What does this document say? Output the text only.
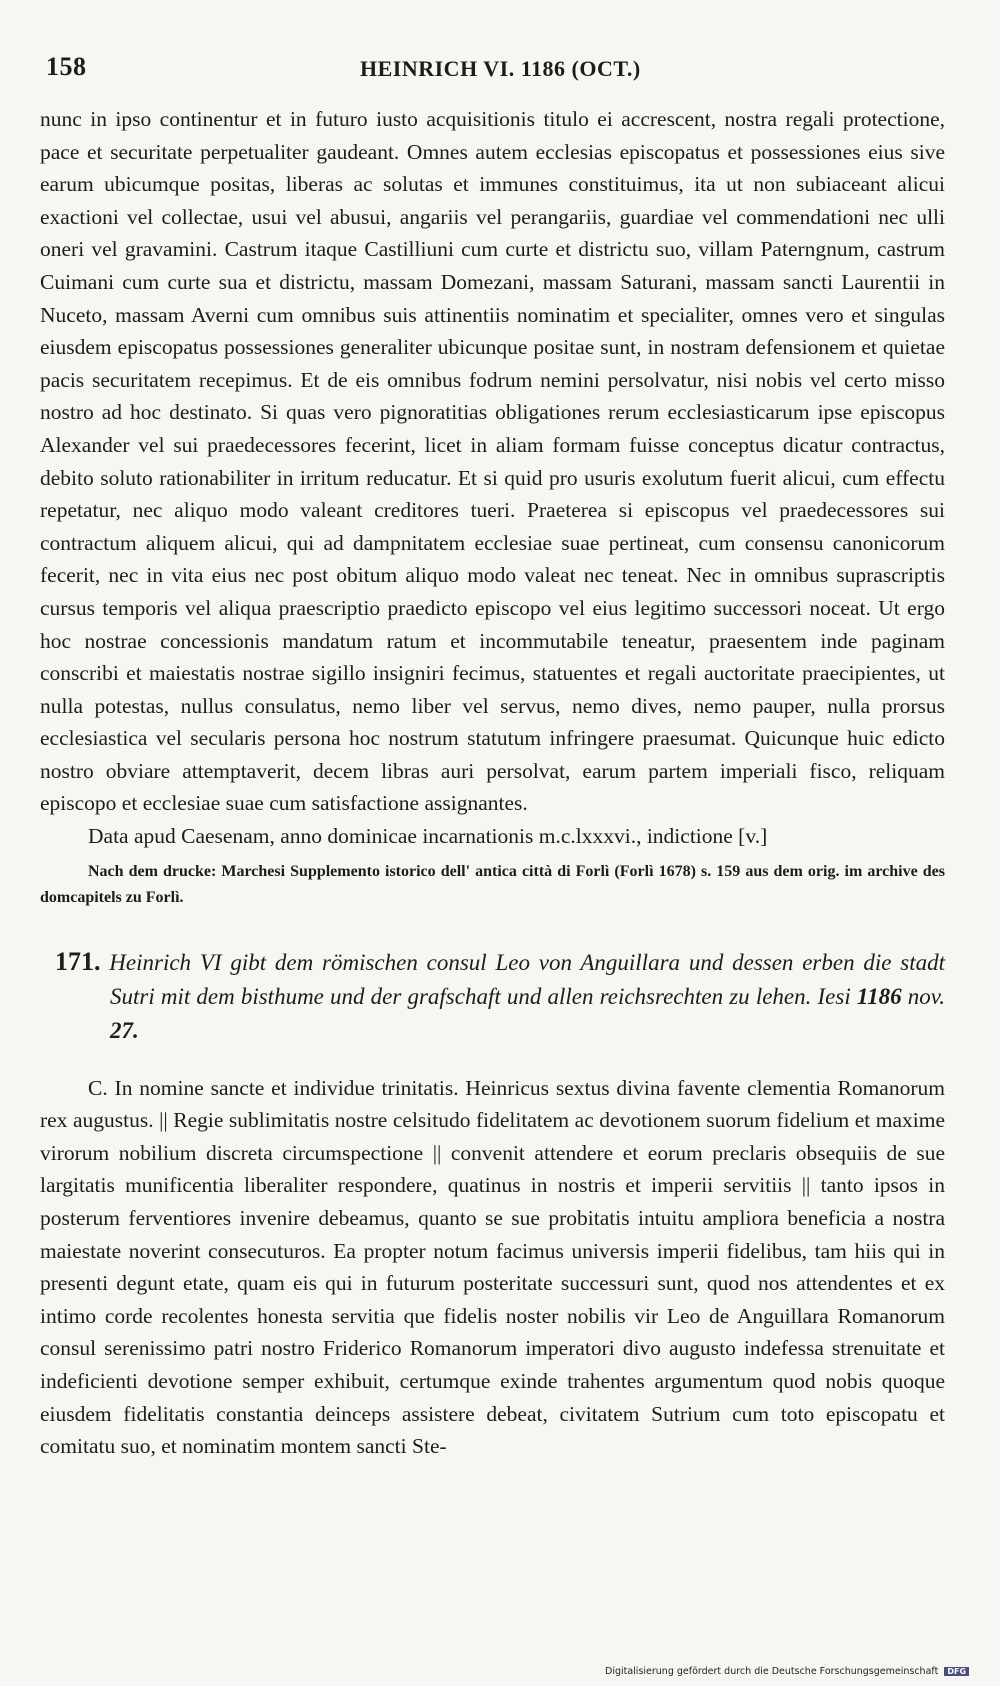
158	HEINRICH VI. 1186 (OCT.)

nunc in ipso continentur et in futuro iusto acquisitionis titulo ei accrescent, nostra regali protectione, pace et securitate perpetualiter gaudeant. Omnes autem ecclesias episcopatus et possessiones eius sive earum ubicumque positas, liberas ac solutas et immunes constituimus, ita ut non subiaceant alicui exactioni vel collectae, usui vel abusui, angariis vel perangariis, guardiae vel commendationi nec ulli oneri vel gravamini. Castrum itaque Castilliuni cum curte et districtu suo, villam Paterngnum, castrum Cuimani cum curte sua et districtu, massam Domezani, massam Saturani, massam sancti Laurentii in Nuceto, massam Averni cum omnibus suis attinentiis nominatim et specialiter, omnes vero et singulas eiusdem episcopatus possessiones generaliter ubicunque positae sunt, in nostram defensionem et quietae pacis securitatem recepimus. Et de eis omnibus fodrum nemini persolvatur, nisi nobis vel certo misso nostro ad hoc destinato. Si quas vero pignoratitias obligationes rerum ecclesiasticarum ipse episcopus Alexander vel sui praedecessores fecerint, licet in aliam formam fuisse conceptus dicatur contractus, debito soluto rationabiliter in irritum reducatur. Et si quid pro usuris exolutum fuerit alicui, cum effectu repetatur, nec aliquo modo valeant creditores tueri. Praeterea si episcopus vel praedecessores sui contractum aliquem alicui, qui ad dampnitatem ecclesiae suae pertineat, cum consensu canonicorum fecerit, nec in vita eius nec post obitum aliquo modo valeat nec teneat. Nec in omnibus suprascriptis cursus temporis vel aliqua praescriptio praedicto episcopo vel eius legitimo successori noceat. Ut ergo hoc nostrae concessionis mandatum ratum et incommutabile teneatur, praesentem inde paginam conscribi et maiestatis nostrae sigillo insigniri fecimus, statuentes et regali auctoritate praecipientes, ut nulla potestas, nullus consulatus, nemo liber vel servus, nemo dives, nemo pauper, nulla prorsus ecclesiastica vel secularis persona hoc nostrum statutum infringere praesumat. Quicunque huic edicto nostro obviare attemptaverit, decem libras auri persolvat, earum partem imperiali fisco, reliquam episcopo et ecclesiae suae cum satisfactione assignantes.

Data apud Caesenam, anno dominicae incarnationis m.c.lxxxvi., indictione [v.]

Nach dem drucke: Marchesi Supplemento istorico dell' antica città di Forlì (Forlì 1678) s. 159 aus dem orig. im archive des domcapitels zu Forlì.

171. Heinrich VI gibt dem römischen consul Leo von Anguillara und dessen erben die stadt Sutri mit dem bisthume und der grafschaft und allen reichsrechten zu lehen. Iesi 1186 nov. 27.

C. In nomine sancte et individue trinitatis. Heinricus sextus divina favente clementia Romanorum rex augustus. || Regie sublimitatis nostre celsitudo fidelitatem ac devotionem suorum fidelium et maxime virorum nobilium discreta circumspectione || convenit attendere et eorum preclaris obsequiis de sue largitatis munificentia liberaliter respondere, quatinus in nostris et imperii servitiis || tanto ipsos in posterum ferventiores invenire debeamus, quanto se sue probitatis intuitu ampliora beneficia a nostra maiestate noverint consecuturos. Ea propter notum facimus universis imperii fidelibus, tam hiis qui in presenti degunt etate, quam eis qui in futurum posteritate successuri sunt, quod nos attendentes et ex intimo corde recolentes honesta servitia que fidelis noster nobilis vir Leo de Anguillara Romanorum consul serenissimo patri nostro Friderico Romanorum imperatori divo augusto indefessa strenuitate et indeficienti devotione semper exhibuit, certumque exinde trahentes argumentum quod nobis quoque eiusdem fidelitatis constantia deinceps assistere debeat, civitatem Sutrium cum toto episcopatu et comitatu suo, et nominatim montem sancti Ste-

Digitalisierung gefördert durch die Deutsche Forschungsgemeinschaft DFG
